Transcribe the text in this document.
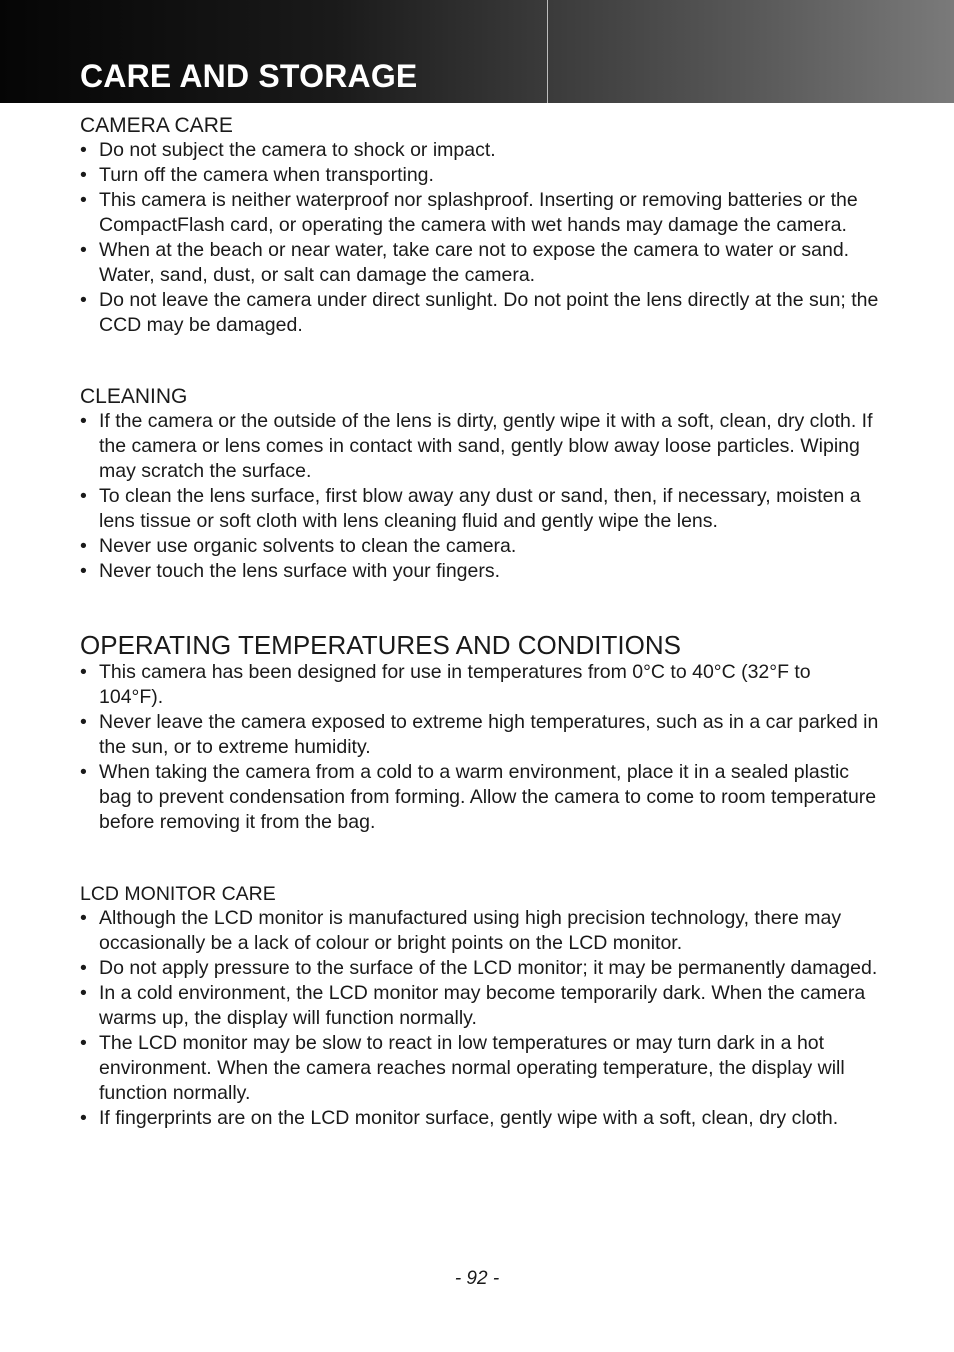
CARE AND STORAGE
CAMERA CARE
• Do not subject the camera to shock or impact.
• Turn off the camera when transporting.
• This camera is neither waterproof nor splashproof. Inserting or removing batteries or the CompactFlash card, or operating the camera with wet hands may damage the camera.
• When at the beach or near water, take care not to expose the camera to water or sand. Water, sand, dust, or salt can damage the camera.
• Do not leave the camera under direct sunlight. Do not point the lens directly at the sun; the CCD may be damaged.
CLEANING
• If the camera or the outside of the lens is dirty, gently wipe it with a soft, clean, dry cloth. If the camera or lens comes in contact with sand, gently blow away loose particles. Wiping may scratch the surface.
• To clean the lens surface, first blow away any dust or sand, then, if necessary, moisten a lens tissue or soft cloth with lens cleaning fluid and gently wipe the lens.
• Never use organic solvents to clean the camera.
• Never touch the lens surface with your fingers.
OPERATING TEMPERATURES AND CONDITIONS
• This camera has been designed for use in temperatures from 0°C to 40°C (32°F to 104°F).
• Never leave the camera exposed to extreme high temperatures, such as in a car parked in the sun, or to extreme humidity.
• When taking the camera from a cold to a warm environment, place it in a sealed plastic bag to prevent condensation from forming. Allow the camera to come to room temperature before removing it from the bag.
LCD MONITOR CARE
• Although the LCD monitor is manufactured using high precision technology, there may occasionally be a lack of colour or bright points on the LCD monitor.
• Do not apply pressure to the surface of the LCD monitor; it may be permanently damaged.
• In a cold environment, the LCD monitor may become temporarily dark. When the camera warms up, the display will function normally.
• The LCD monitor may be slow to react in low temperatures or may turn dark in a hot environment. When the camera reaches normal operating temperature, the display will function normally.
• If fingerprints are on the LCD monitor surface, gently wipe with a soft, clean, dry cloth.
- 92 -
